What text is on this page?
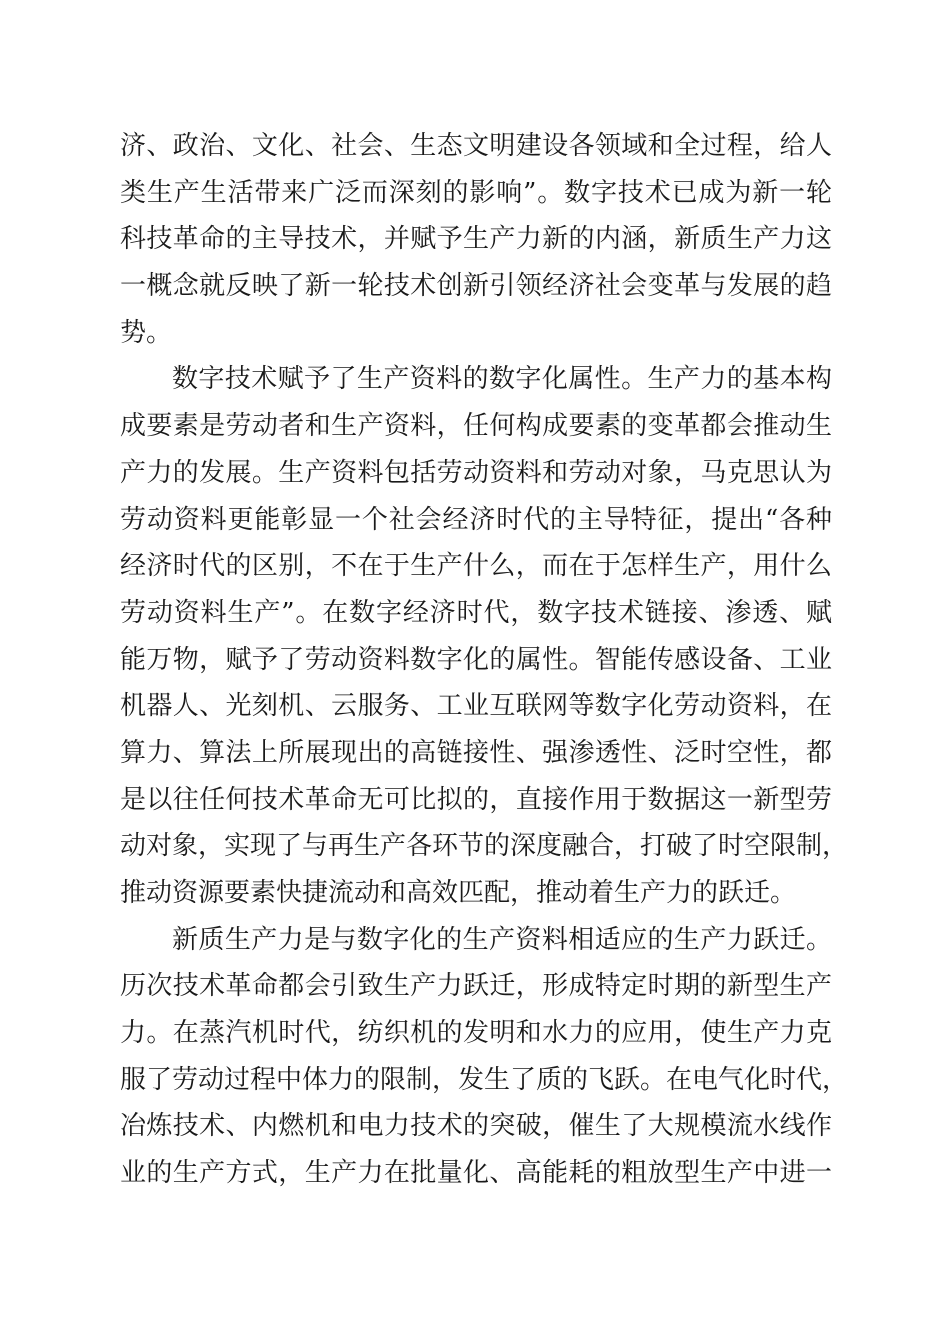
济、政治、文化、社会、生态文明建设各领域和全过程，给人
类生产生活带来广泛而深刻的影响”。数字技术已成为新一轮
科技革命的主导技术，并赋予生产力新的内涵，新质生产力这
一概念就反映了新一轮技术创新引领经济社会变革与发展的趋
势。
数字技术赋予了生产资料的数字化属性。生产力的基本构
成要素是劳动者和生产资料，任何构成要素的变革都会推动生
产力的发展。生产资料包括劳动资料和劳动对象，马克思认为
劳动资料更能彰显一个社会经济时代的主导特征，提出“各种
经济时代的区别，不在于生产什么，而在于怎样生产，用什么
劳动资料生产”。在数字经济时代，数字技术链接、渗透、赋
能万物，赋予了劳动资料数字化的属性。智能传感设备、工业
机器人、光刻机、云服务、工业互联网等数字化劳动资料，在
算力、算法上所展现出的高链接性、强渗透性、泛时空性，都
是以往任何技术革命无可比拟的，直接作用于数据这一新型劳
动对象，实现了与再生产各环节的深度融合，打破了时空限制，
推动资源要素快捷流动和高效匹配，推动着生产力的跃迁。
新质生产力是与数字化的生产资料相适应的生产力跃迁。
历次技术革命都会引致生产力跃迁，形成特定时期的新型生产
力。在蒸汽机时代，纺织机的发明和水力的应用，使生产力克
服了劳动过程中体力的限制，发生了质的飞跃。在电气化时代，
冶炼技术、内燃机和电力技术的突破，催生了大规模流水线作
业的生产方式，生产力在批量化、高能耗的粗放型生产中进一
